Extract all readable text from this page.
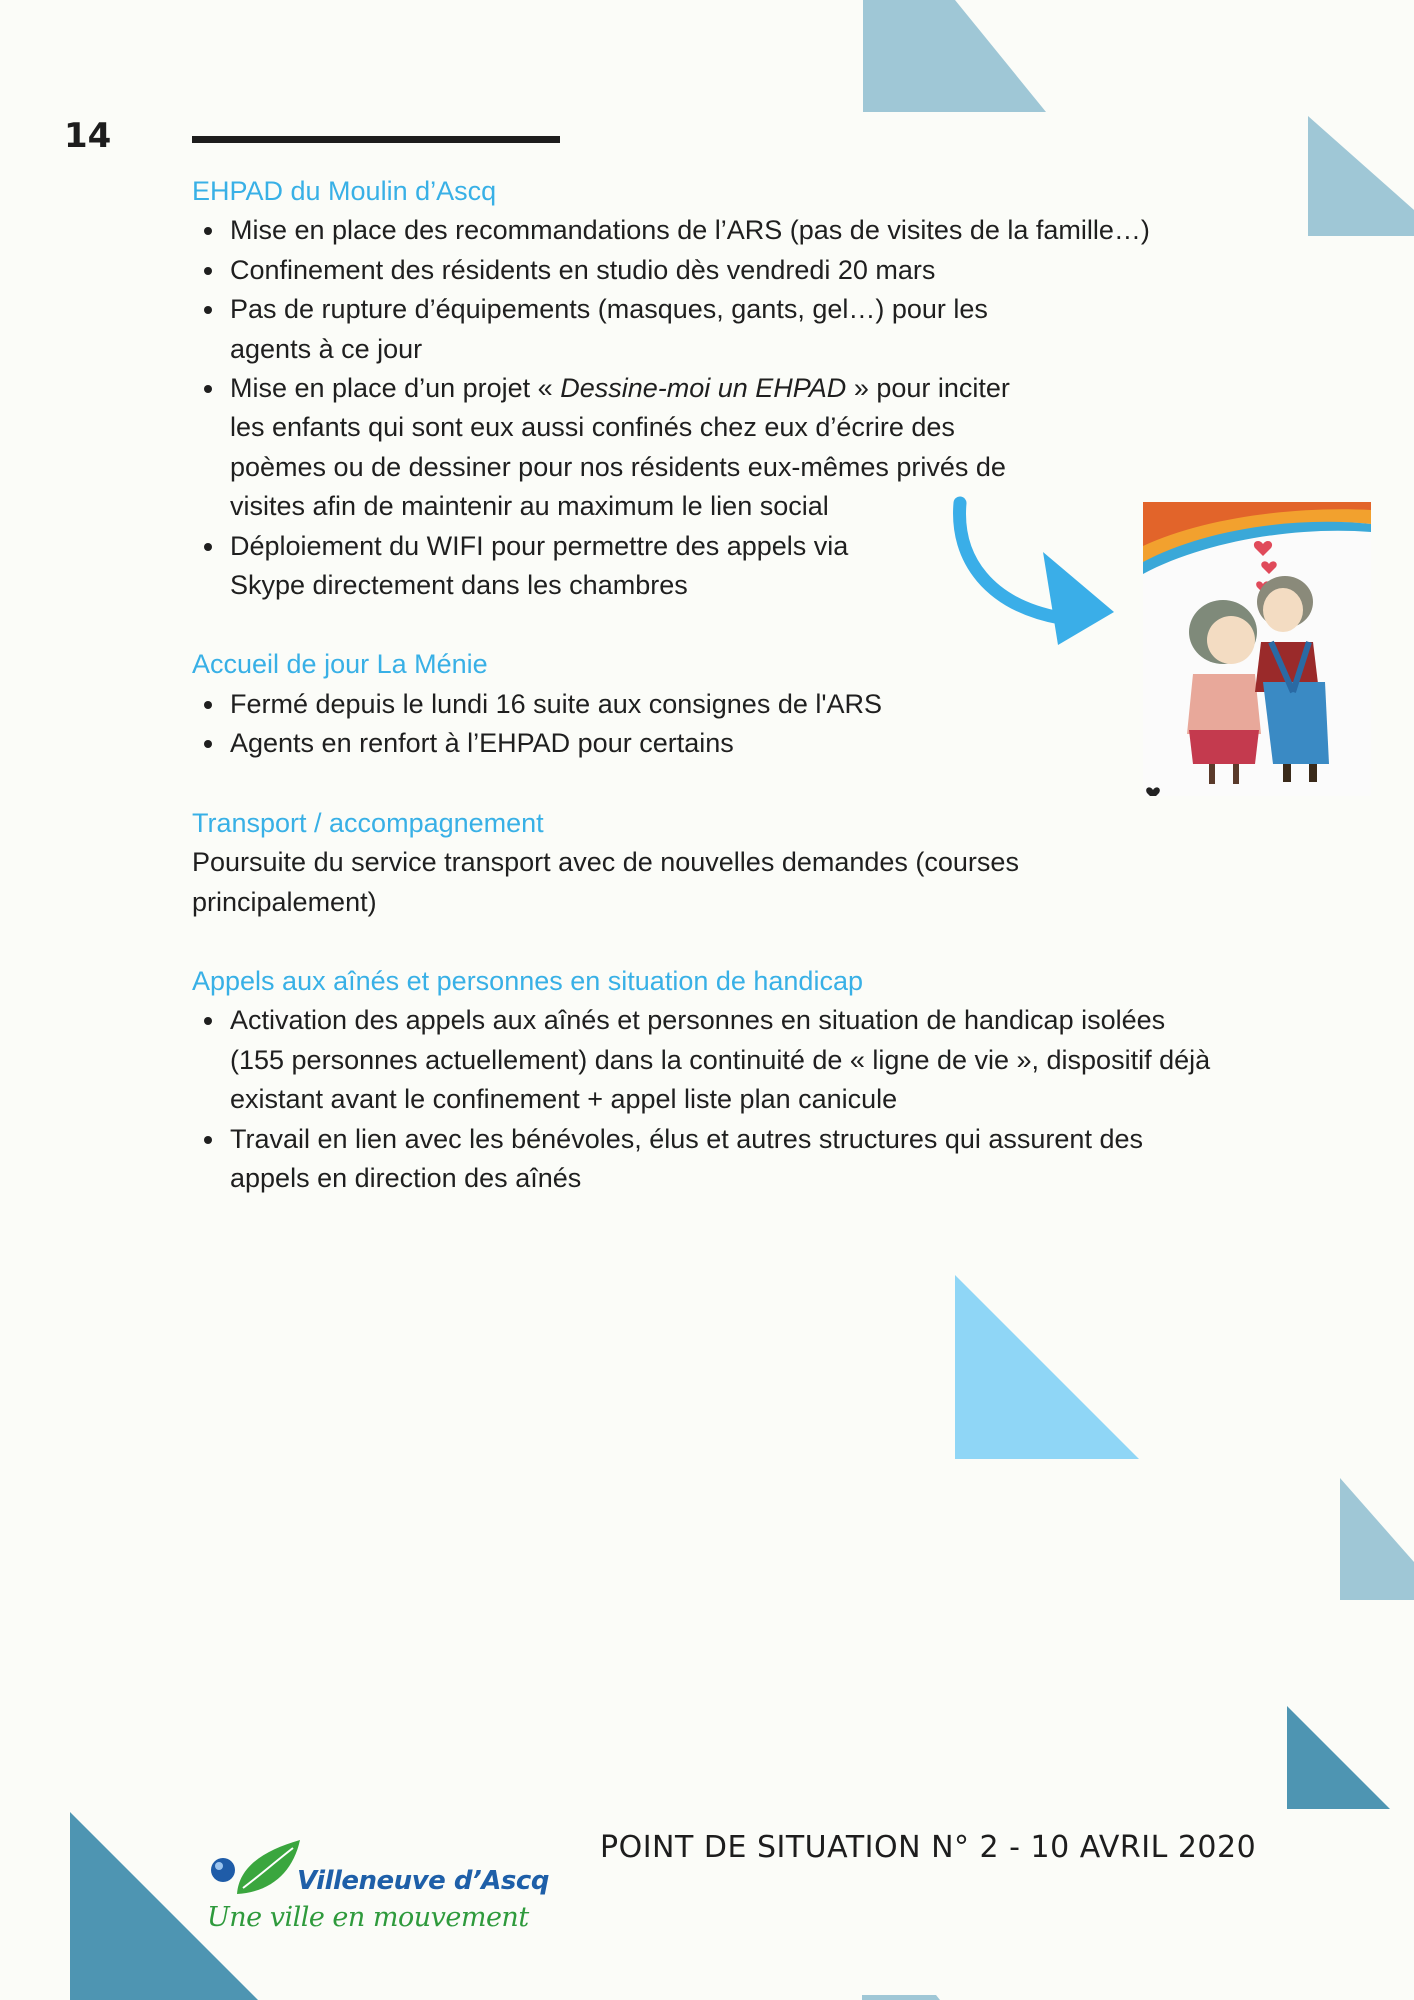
14
EHPAD du Moulin d’Ascq
Mise en place des recommandations de l’ARS (pas de visites de la famille…)
Confinement des résidents en studio dès vendredi 20 mars
Pas de rupture d’équipements (masques, gants, gel…) pour les agents à ce jour
Mise en place d’un projet « Dessine-moi un EHPAD » pour inciter les enfants qui sont eux aussi confinés chez eux d’écrire des poèmes ou de dessiner pour nos résidents eux-mêmes privés de visites afin de maintenir au maximum le lien social
Déploiement du WIFI pour permettre des appels via Skype directement dans les chambres
Accueil de jour La Ménie
Fermé depuis le lundi 16 suite aux consignes de l'ARS
Agents en renfort à l’EHPAD pour certains
Transport / accompagnement

Poursuite du service transport avec de nouvelles demandes (courses principalement)

Appels aux aînés et personnes en situation de handicap
Activation des appels aux aînés et personnes en situation de handicap isolées (155 personnes actuellement) dans la continuité de « ligne de vie », dispositif déjà existant avant le confinement + appel liste plan canicule
Travail en lien avec les bénévoles, élus et autres structures qui assurent des appels en direction des aînés
POINT DE SITUATION N° 2 - 10 AVRIL 2020
Villeneuve d’Ascq
Une ville en mouvement
